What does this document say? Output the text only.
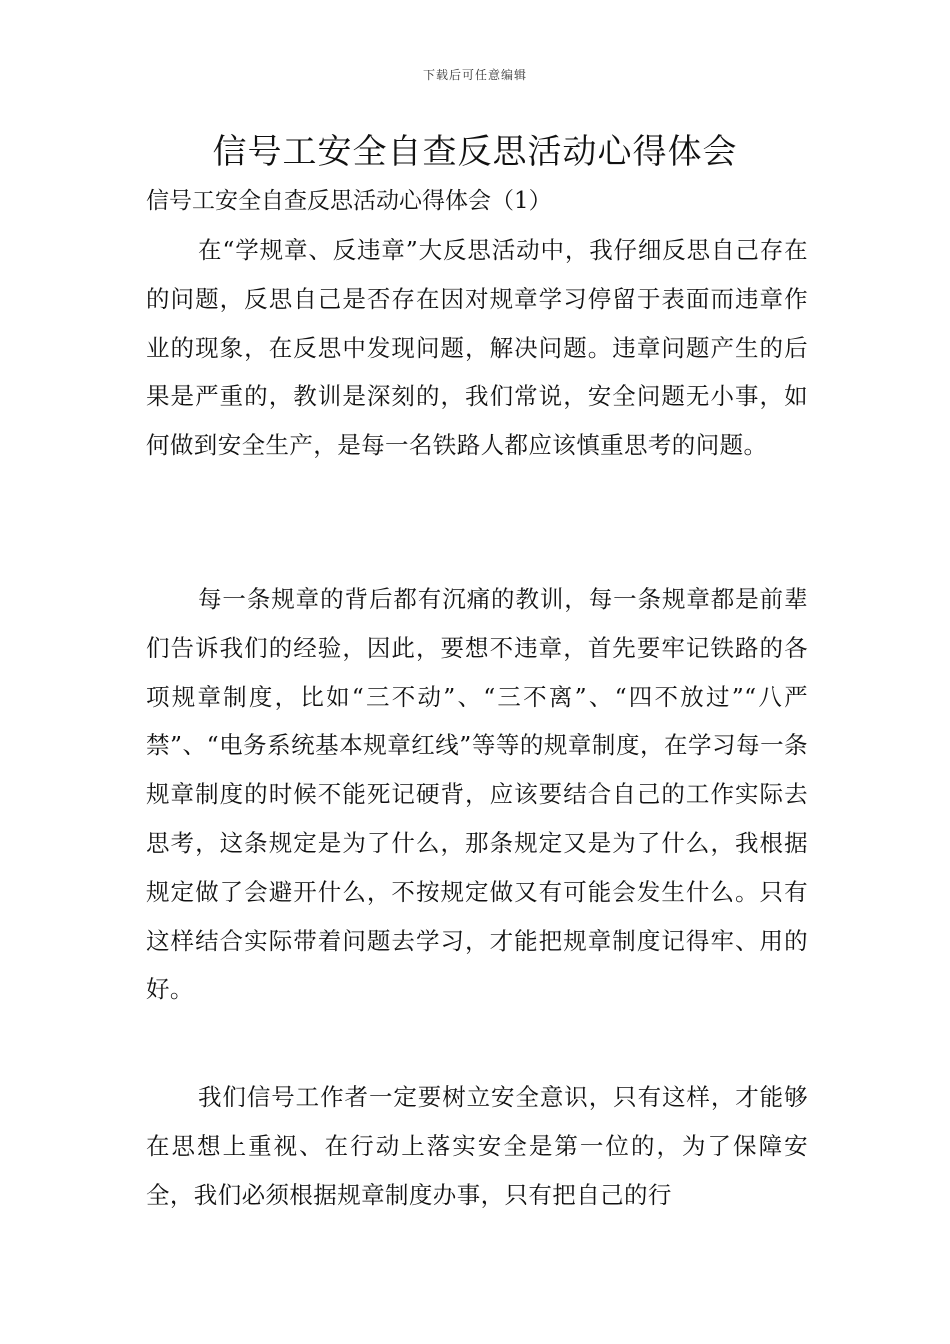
下载后可任意编辑
信号工安全自查反思活动心得体会

信号工安全自查反思活动心得体会（1）

在“学规章、反违章”大反思活动中，我仔细反思自己存在的问题，反思自己是否存在因对规章学习停留于表面而违章作业的现象，在反思中发现问题，解决问题。违章问题产生的后果是严重的，教训是深刻的，我们常说，安全问题无小事，如何做到安全生产，是每一名铁路人都应该慎重思考的问题。

每一条规章的背后都有沉痛的教训，每一条规章都是前辈们告诉我们的经验，因此，要想不违章，首先要牢记铁路的各项规章制度，比如“三不动”、“三不离”、“四不放过”“八严禁”、“电务系统基本规章红线”等等的规章制度，在学习每一条规章制度的时候不能死记硬背，应该要结合自己的工作实际去思考，这条规定是为了什么，那条规定又是为了什么，我根据规定做了会避开什么，不按规定做又有可能会发生什么。只有这样结合实际带着问题去学习，才能把规章制度记得牢、用的好。

我们信号工作者一定要树立安全意识，只有这样，才能够在思想上重视、在行动上落实安全是第一位的，为了保障安全，我们必须根据规章制度办事，只有把自己的行
